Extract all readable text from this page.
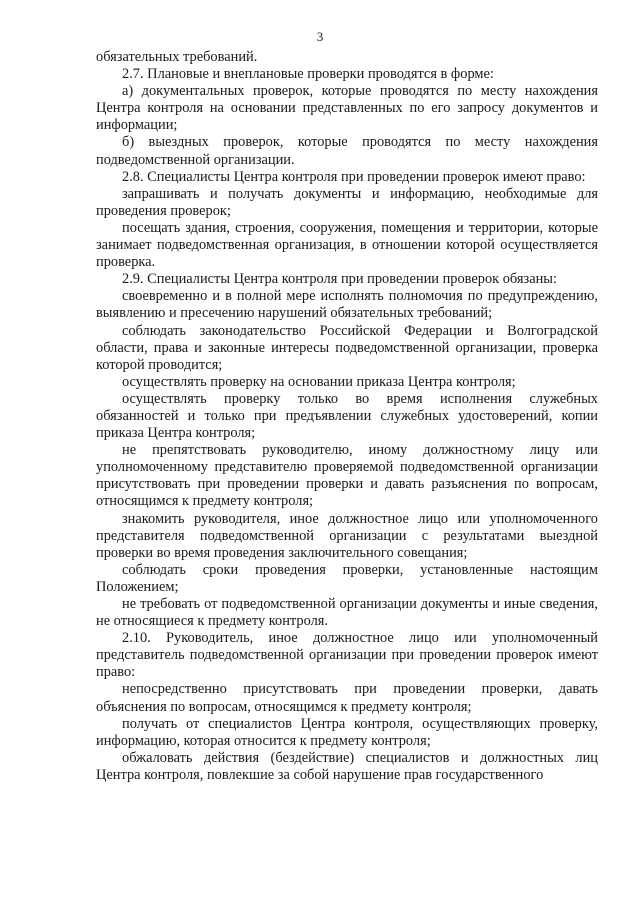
3

обязательных требований.

2.7. Плановые и внеплановые проверки проводятся в форме:

а) документальных проверок, которые проводятся по месту нахождения Центра контроля на основании представленных по его запросу документов и информации;

б) выездных проверок, которые проводятся по месту нахождения подведомственной организации.

2.8. Специалисты Центра контроля при проведении проверок имеют право:

запрашивать и получать документы и информацию, необходимые для проведения проверок;

посещать здания, строения, сооружения, помещения и территории, которые занимает подведомственная организация, в отношении которой осуществляется проверка.

2.9. Специалисты Центра контроля при проведении проверок обязаны:

своевременно и в полной мере исполнять полномочия по предупреждению, выявлению и пресечению нарушений обязательных требований;

соблюдать законодательство Российской Федерации и Волгоградской области, права и законные интересы подведомственной организации, проверка которой проводится;

осуществлять проверку на основании приказа Центра контроля;

осуществлять проверку только во время исполнения служебных обязанностей и только при предъявлении служебных удостоверений, копии приказа Центра контроля;

не препятствовать руководителю, иному должностному лицу или уполномоченному представителю проверяемой подведомственной организации присутствовать при проведении проверки и давать разъяснения по вопросам, относящимся к предмету контроля;

знакомить руководителя, иное должностное лицо или уполномоченного представителя подведомственной организации с результатами выездной проверки во время проведения заключительного совещания;

соблюдать сроки проведения проверки, установленные настоящим Положением;

не требовать от подведомственной организации документы и иные сведения, не относящиеся к предмету контроля.

2.10. Руководитель, иное должностное лицо или уполномоченный представитель подведомственной организации при проведении проверок имеют право:

непосредственно присутствовать при проведении проверки, давать объяснения по вопросам, относящимся к предмету контроля;

получать от специалистов Центра контроля, осуществляющих проверку, информацию, которая относится к предмету контроля;

обжаловать действия (бездействие) специалистов и должностных лиц Центра контроля, повлекшие за собой нарушение прав государственного
